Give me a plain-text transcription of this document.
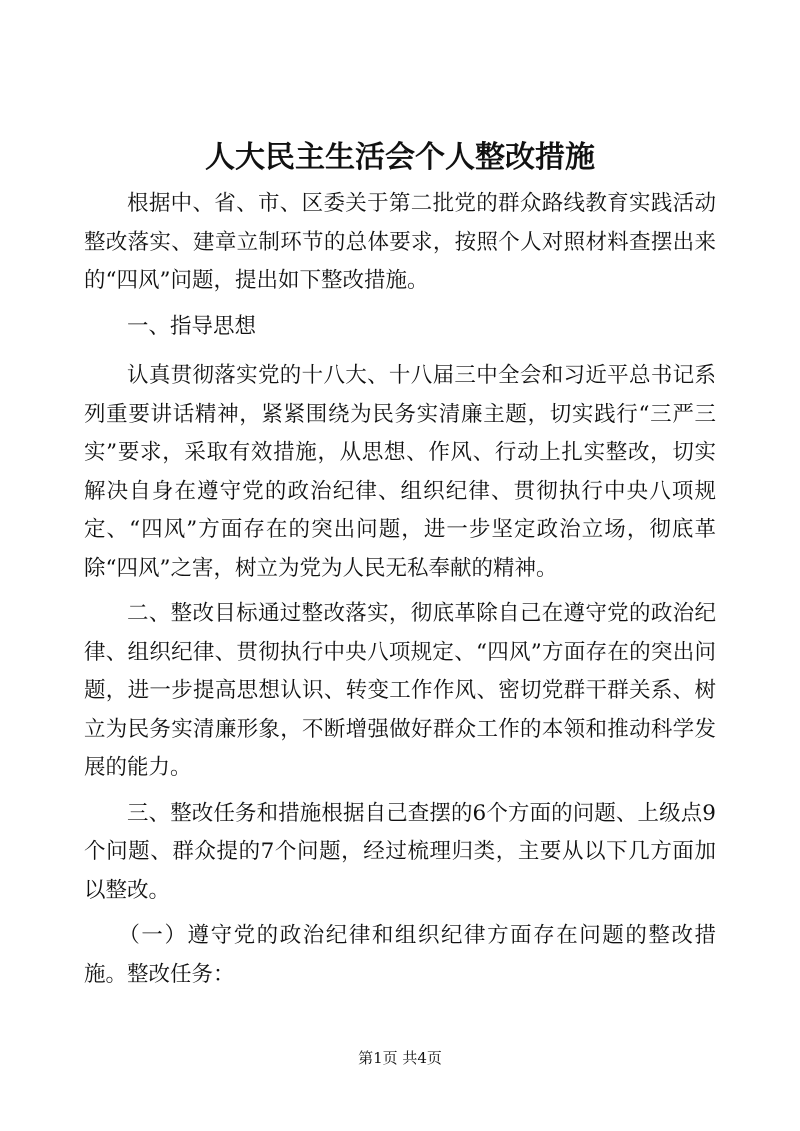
人大民主生活会个人整改措施

根据中、省、市、区委关于第二批党的群众路线教育实践活动整改落实、建章立制环节的总体要求，按照个人对照材料查摆出来的“四风”问题，提出如下整改措施。

一、指导思想

认真贯彻落实党的十八大、十八届三中全会和习近平总书记系列重要讲话精神，紧紧围绕为民务实清廉主题，切实践行“三严三实”要求，采取有效措施，从思想、作风、行动上扎实整改，切实解决自身在遵守党的政治纪律、组织纪律、贯彻执行中央八项规定、“四风”方面存在的突出问题，进一步坚定政治立场，彻底革除“四风”之害，树立为党为人民无私奉献的精神。

二、整改目标通过整改落实，彻底革除自己在遵守党的政治纪律、组织纪律、贯彻执行中央八项规定、“四风”方面存在的突出问题，进一步提高思想认识、转变工作作风、密切党群干群关系、树立为民务实清廉形象，不断增强做好群众工作的本领和推动科学发展的能力。

三、整改任务和措施根据自己查摆的6个方面的问题、上级点9个问题、群众提的7个问题，经过梳理归类，主要从以下几方面加以整改。

（一）遵守党的政治纪律和组织纪律方面存在问题的整改措施。整改任务：

第1页 共4页
